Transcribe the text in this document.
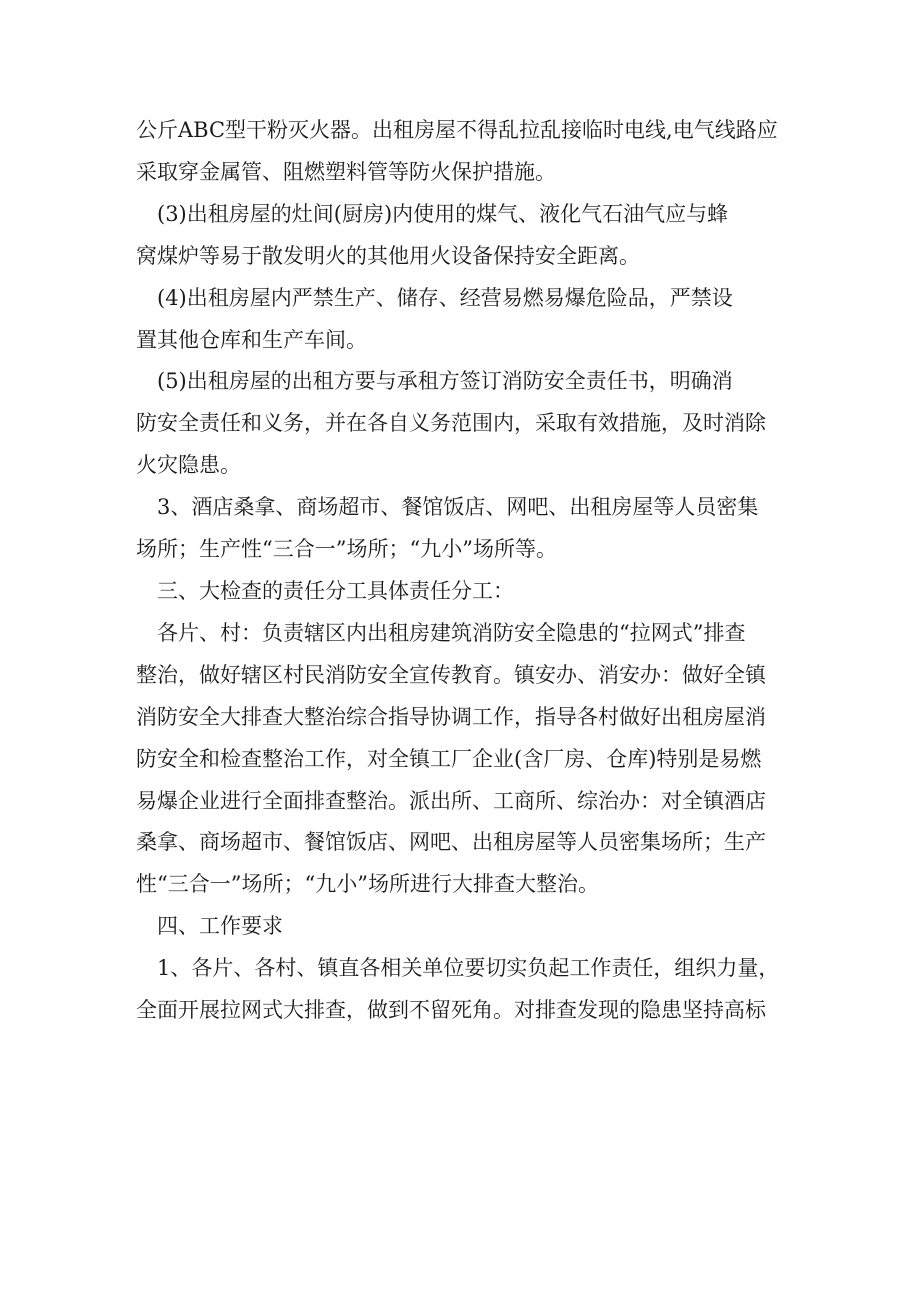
公斤ABC型干粉灭火器。出租房屋不得乱拉乱接临时电线,电气线路应
采取穿金属管、阻燃塑料管等防火保护措施。

　(3)出租房屋的灶间(厨房)内使用的煤气、液化气石油气应与蜂
窝煤炉等易于散发明火的其他用火设备保持安全距离。

　(4)出租房屋内严禁生产、储存、经营易燃易爆危险品，严禁设
置其他仓库和生产车间。

　(5)出租房屋的出租方要与承租方签订消防安全责任书，明确消
防安全责任和义务，并在各自义务范围内，采取有效措施，及时消除
火灾隐患。

　3、酒店桑拿、商场超市、餐馆饭店、网吧、出租房屋等人员密集
场所；生产性“三合一”场所；“九小”场所等。

　三、大检查的责任分工具体责任分工：

　各片、村：负责辖区内出租房建筑消防安全隐患的“拉网式”排查
整治，做好辖区村民消防安全宣传教育。镇安办、消安办：做好全镇
消防安全大排查大整治综合指导协调工作，指导各村做好出租房屋消
防安全和检查整治工作，对全镇工厂企业(含厂房、仓库)特别是易燃
易爆企业进行全面排查整治。派出所、工商所、综治办：对全镇酒店
桑拿、商场超市、餐馆饭店、网吧、出租房屋等人员密集场所；生产
性“三合一”场所；“九小”场所进行大排查大整治。

　四、工作要求

　1、各片、各村、镇直各相关单位要切实负起工作责任，组织力量，
全面开展拉网式大排查，做到不留死角。对排查发现的隐患坚持高标
